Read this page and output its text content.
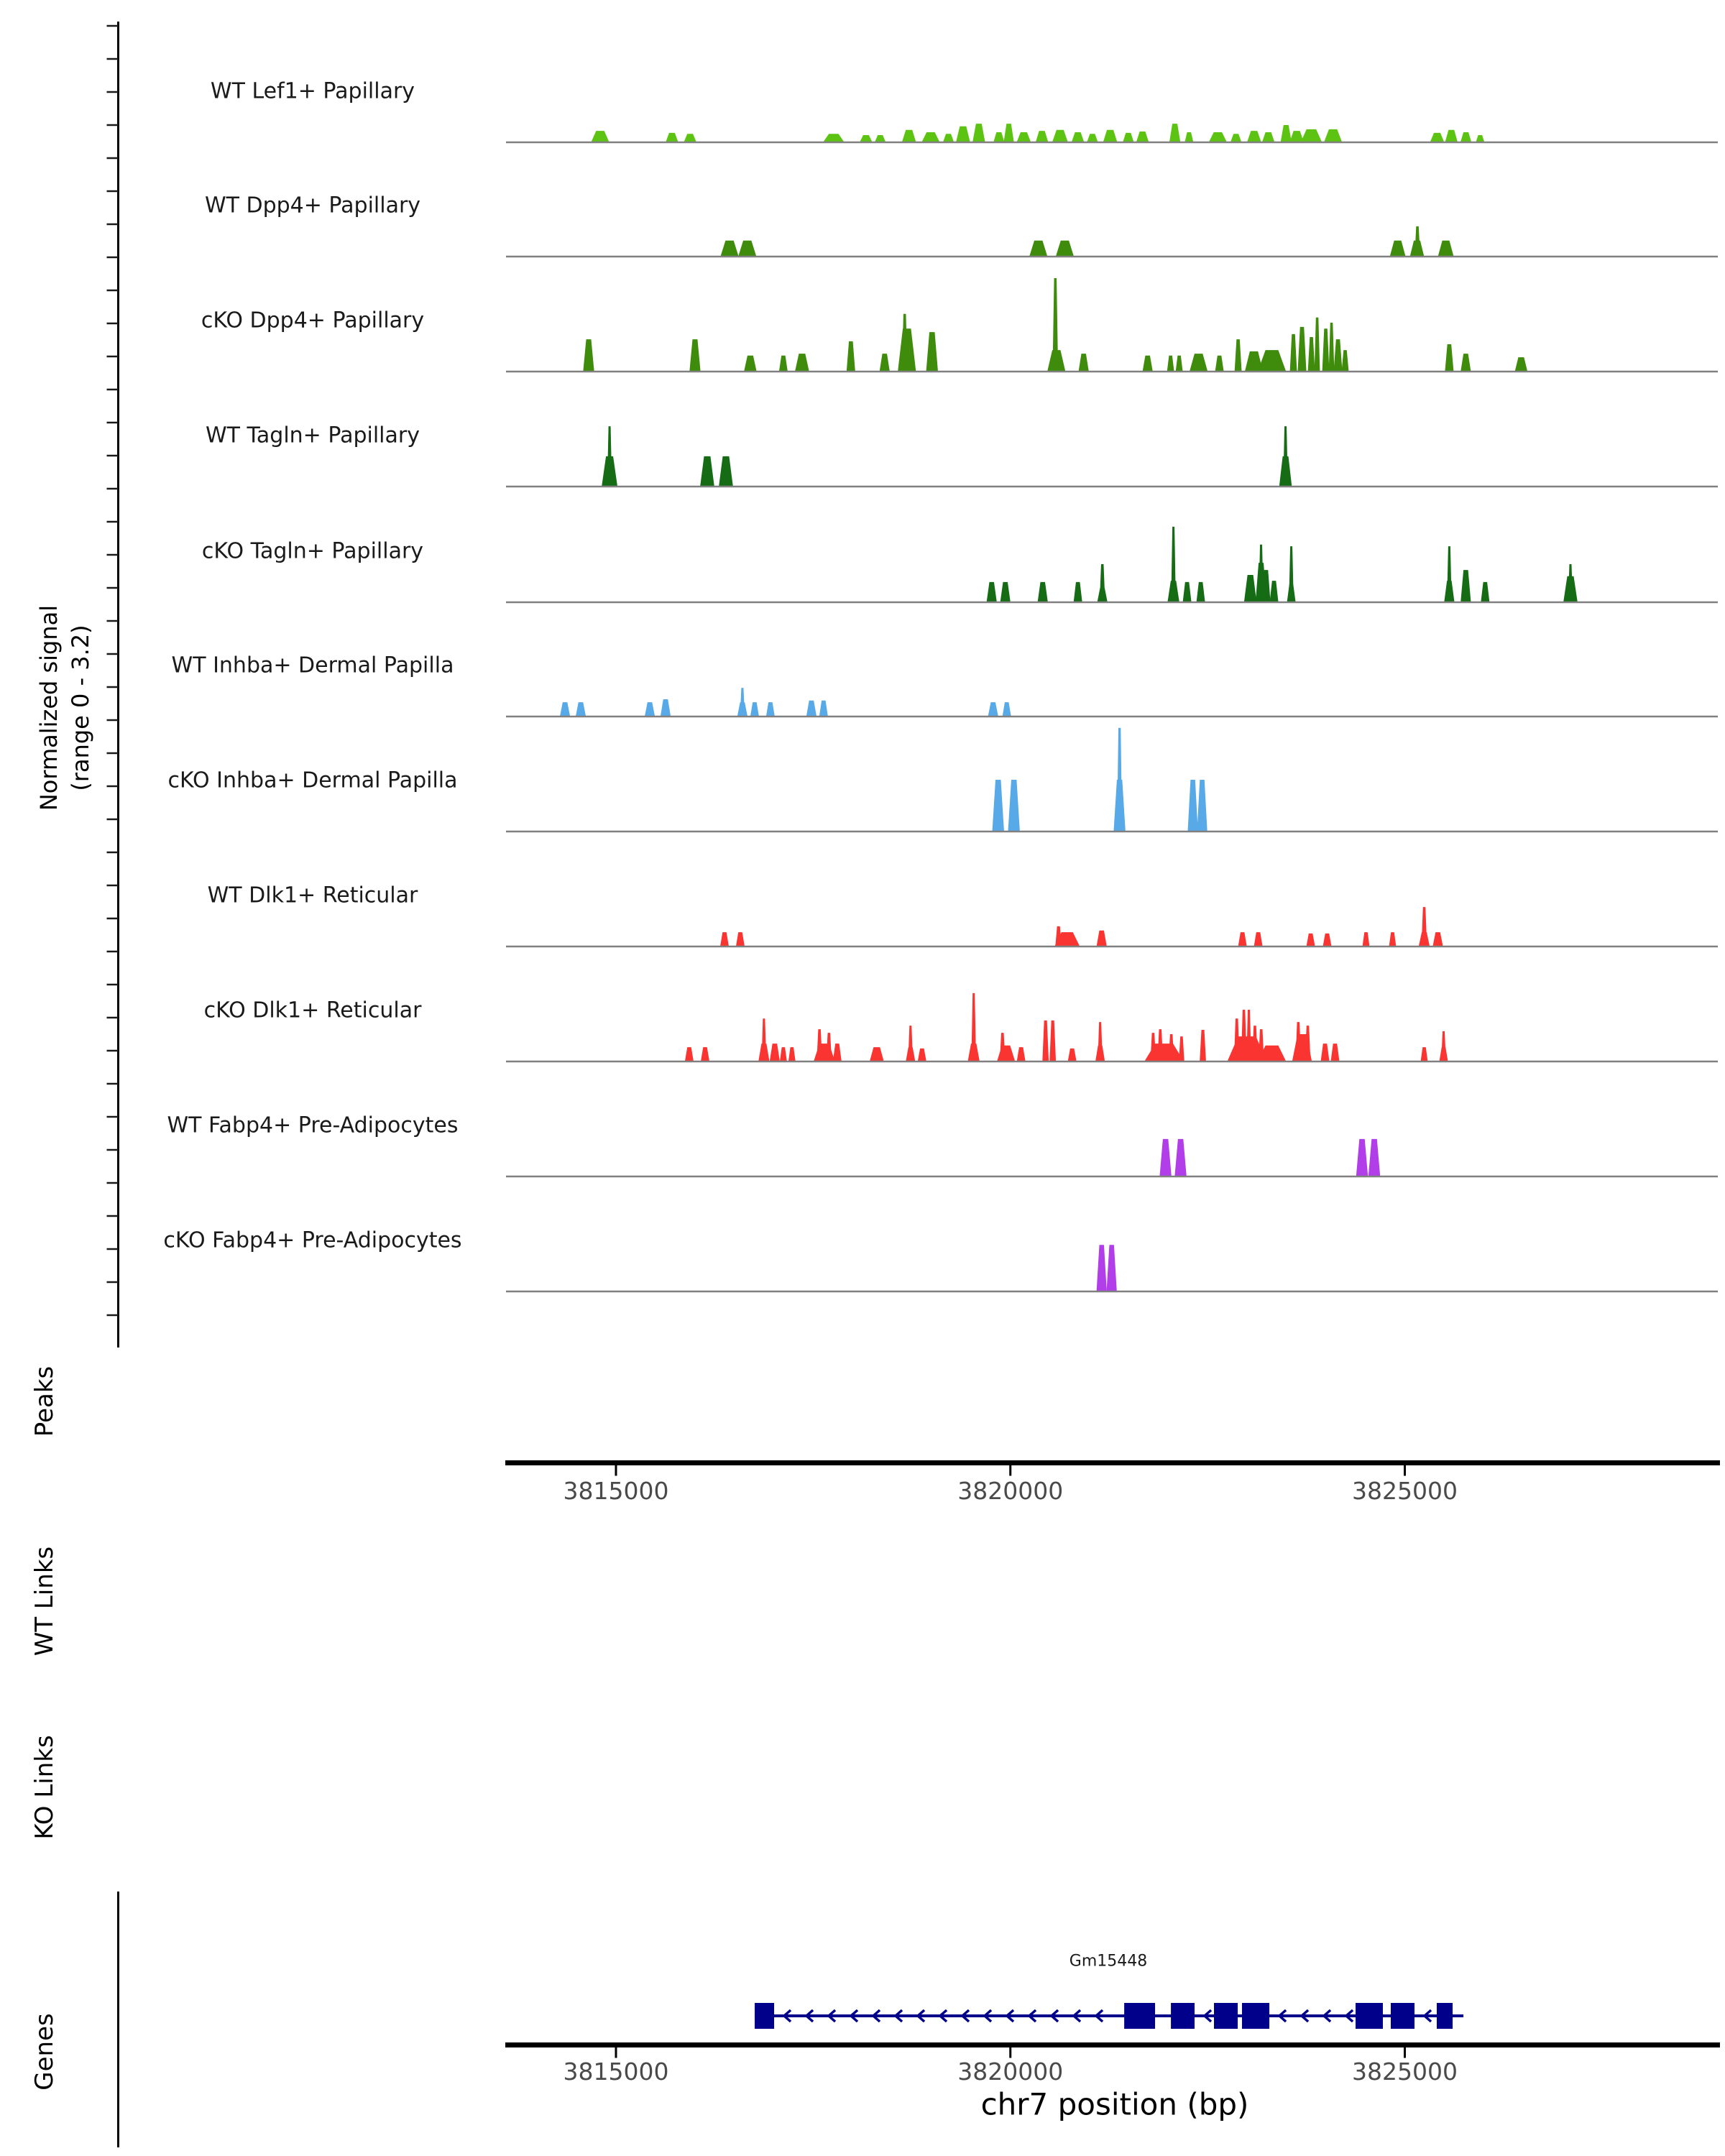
3815000	3820000	3825000
3815000	3820000	3825000
Normalized signal (range 0 - 3.2)
Peaks
WT Links
KO Links
Genes
WT Lef1+ Papillary
WT Dpp4+ Papillary
cKO Dpp4+ Papillary
WT Tagln+ Papillary
cKO Tagln+ Papillary
WT Inhba+ Dermal Papilla
cKO Inhba+ Dermal Papilla
WT Dlk1+ Reticular
cKO Dlk1+ Reticular
WT Fabp4+ Pre-Adipocytes
cKO Fabp4+ Pre-Adipocytes
Gm15448
chr7 position (bp)
